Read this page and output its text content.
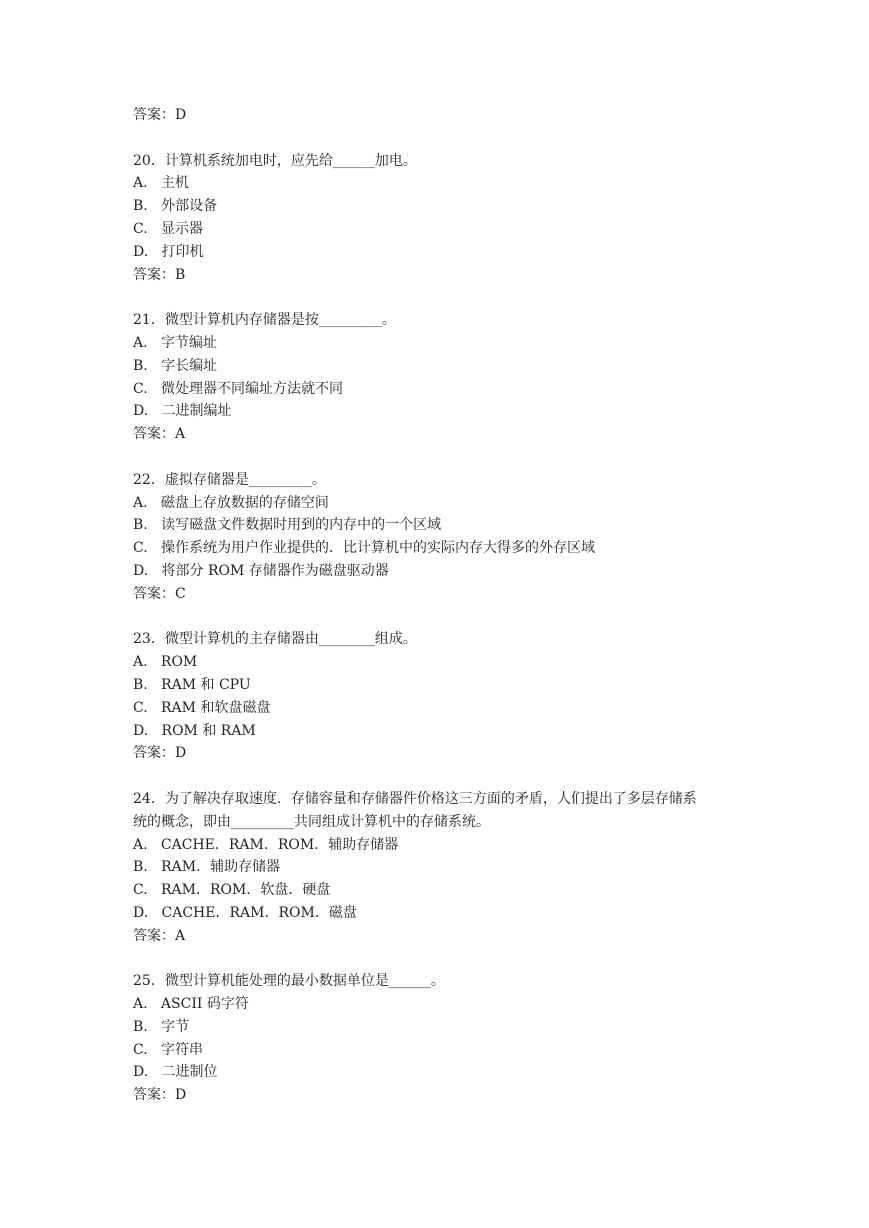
答案：D
20．计算机系统加电时，应先给______加电。
A.   主机
B.   外部设备
C.   显示器
D.   打印机
答案：B
21．微型计算机内存储器是按_________。
A.   字节编址
B.   字长编址
C.   微处理器不同编址方法就不同
D.   二进制编址
答案：A
22．虚拟存储器是_________。
A.   磁盘上存放数据的存储空间
B.   读写磁盘文件数据时用到的内存中的一个区域
C.   操作系统为用户作业提供的．比计算机中的实际内存大得多的外存区域
D.   将部分 ROM 存储器作为磁盘驱动器
答案：C
23．微型计算机的主存储器由________组成。
A.   ROM
B.   RAM 和 CPU
C.   RAM 和软盘磁盘
D.   ROM 和 RAM
答案：D
24．为了解决存取速度．存储容量和存储器件价格这三方面的矛盾，人们提出了多层存储系
统的概念，即由_________共同组成计算机中的存储系统。
A.   CACHE．RAM．ROM．辅助存储器
B.   RAM．辅助存储器
C.   RAM．ROM．软盘．硬盘
D.   CACHE．RAM．ROM．磁盘
答案：A
25．微型计算机能处理的最小数据单位是______。
A.   ASCII 码字符
B.   字节
C.   字符串
D.   二进制位
答案：D
